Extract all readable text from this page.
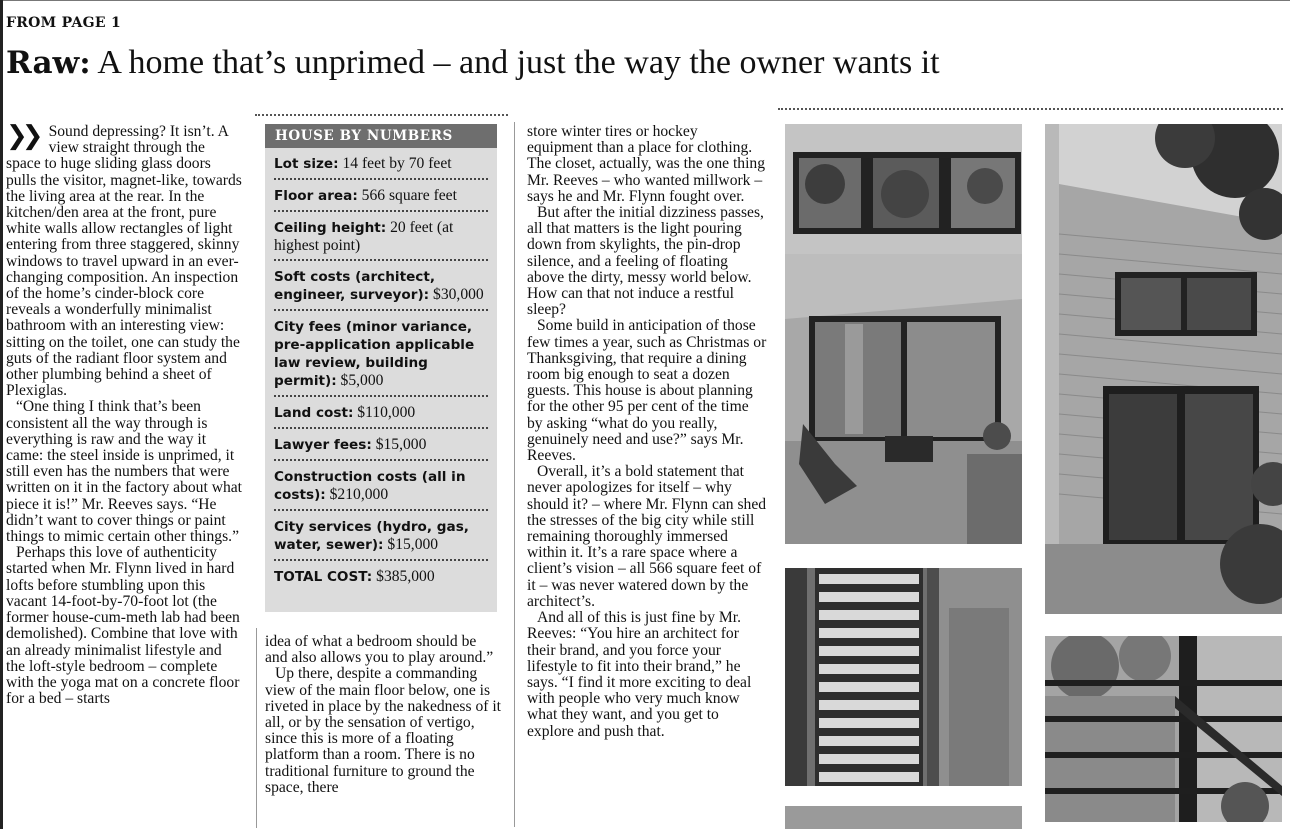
FROM PAGE 1
Raw: A home that’s unprimed – and just the way the owner wants it

❯❯ Sound depressing? It isn’t. A view straight through the space to huge sliding glass doors pulls the visitor, magnet-like, towards the living area at the rear. In the kitchen/den area at the front, pure white walls allow rectangles of light entering from three staggered, skinny windows to travel upward in an ever-changing composition. An inspection of the home’s cinder-block core reveals a wonderfully minimalist bathroom with an interesting view: sitting on the toilet, one can study the guts of the radiant floor system and other plumbing behind a sheet of Plexiglas.

“One thing I think that’s been consistent all the way through is everything is raw and the way it came: the steel inside is unprimed, it still even has the numbers that were written on it in the factory about what piece it is!” Mr. Reeves says. “He didn’t want to cover things or paint things to mimic certain other things.”

Perhaps this love of authenticity started when Mr. Flynn lived in hard lofts before stumbling upon this vacant 14-foot-by-70-foot lot (the former house-cum-meth lab had been demolished). Combine that love with an already minimalist lifestyle and the loft-style bedroom – complete with the yoga mat on a concrete floor for a bed – starts

HOUSE BY NUMBERS
Lot size: 14 feet by 70 feet
Floor area: 566 square feet
Ceiling height: 20 feet (at highest point)
Soft costs (architect, engineer, surveyor): $30,000
City fees (minor variance, pre-application applicable law review, building permit): $5,000
Land cost: $110,000
Lawyer fees: $15,000
Construction costs (all in costs): $210,000
City services (hydro, gas, water, sewer): $15,000
TOTAL COST: $385,000

idea of what a bedroom should be and also allows you to play around.”

Up there, despite a commanding view of the main floor below, one is riveted in place by the nakedness of it all, or by the sensation of vertigo, since this is more of a floating platform than a room. There is no traditional furniture to ground the space, there

store winter tires or hockey equipment than a place for clothing. The closet, actually, was the one thing Mr. Reeves – who wanted millwork – says he and Mr. Flynn fought over.

But after the initial dizziness passes, all that matters is the light pouring down from skylights, the pin-drop silence, and a feeling of floating above the dirty, messy world below. How can that not induce a restful sleep?

Some build in anticipation of those few times a year, such as Christmas or Thanksgiving, that require a dining room big enough to seat a dozen guests. This house is about planning for the other 95 per cent of the time by asking “what do you really, genuinely need and use?” says Mr. Reeves.

Overall, it’s a bold statement that never apologizes for itself – why should it? – where Mr. Flynn can shed the stresses of the big city while still remaining thoroughly immersed within it. It’s a rare space where a client’s vision – all 566 square feet of it – was never watered down by the architect’s.

And all of this is just fine by Mr. Reeves: “You hire an architect for their brand, and you force your lifestyle to fit into their brand,” he says. “I find it more exciting to deal with people who very much know what they want, and you get to explore and push that.
